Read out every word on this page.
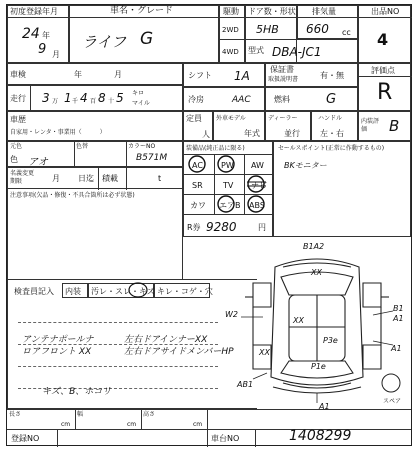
初度登録年月
24 年
9 月
車名・グレード
ライフ G
駆動
2WD
4WD
ドア数・形状
5HB
排気量
660 cc
型式 DBA-JC1
出品NO
4
車検	年	月
走行 3 万 1 千 4 百 8 十 5 キロ
マイル
シフト 1A
冷房	AAC
保証書
取扱説明書	有・無
燃料	G
評価点
R
車歴
自家用・レンタ・事業用（　　　）
定員
人
外車モデル
年式
ディーラー
並行
ハンドル
左・右
内装評価	B
元色
色 アオ
色替	カラーNO
B571M
名義変更期限	月 日迄 積載	t
注意事項(欠品・修復・不具合箇所は必ず状態)
装備品(純正品に限る)
AC PW AW
SR	TV ナビ
カワ エアB ABS
R券 9280	円
セールスポイント(正常に作動するもの)
BKモニター
検査員記入 内装 汚レ・スレ・キズ キレ・コゲ・穴
アンテナポールナ
ロアフロント XX
左右ドアインナーXX
左右ドアサイドメンバーHP
キズ、B、ホコリ
B1A2
XX
W2
P3e
XX	A1
B1
A1
P1e
XX
AB1
A1
スペア
長さ
cm
幅
cm
高さ
cm
登録NO	車台NO	1408299
